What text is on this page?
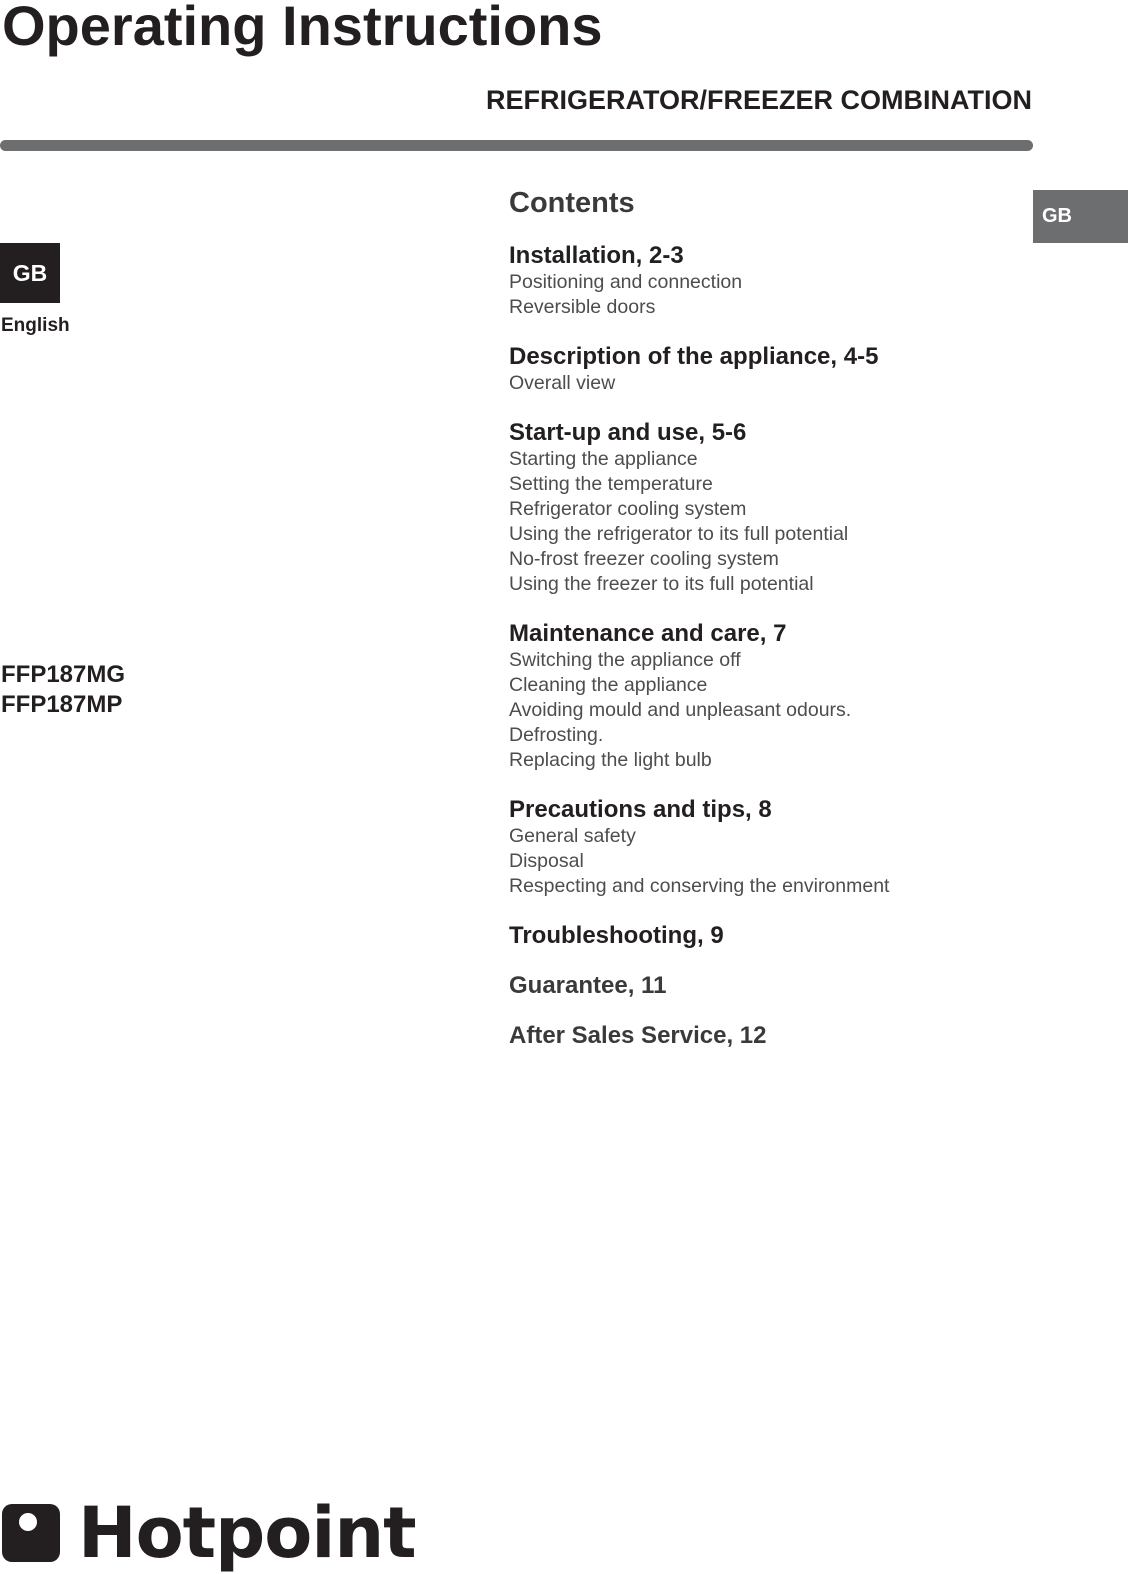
Operating Instructions
REFRIGERATOR/FREEZER COMBINATION
GB
GB
English
FFP187MG
FFP187MP
Contents
Installation, 2-3
Positioning and connection
Reversible doors
Description of the appliance, 4-5
Overall view
Start-up and use, 5-6
Starting the appliance
Setting the temperature
Refrigerator cooling system
Using the refrigerator to its full potential
No-frost freezer cooling system
Using the freezer to its full potential
Maintenance and care, 7
Switching the appliance off
Cleaning the appliance
Avoiding mould and unpleasant odours.
Defrosting.
Replacing the light bulb
Precautions and tips, 8
General safety
Disposal
Respecting and conserving the environment
Troubleshooting, 9
Guarantee, 11
After Sales Service, 12
Hotpoint
